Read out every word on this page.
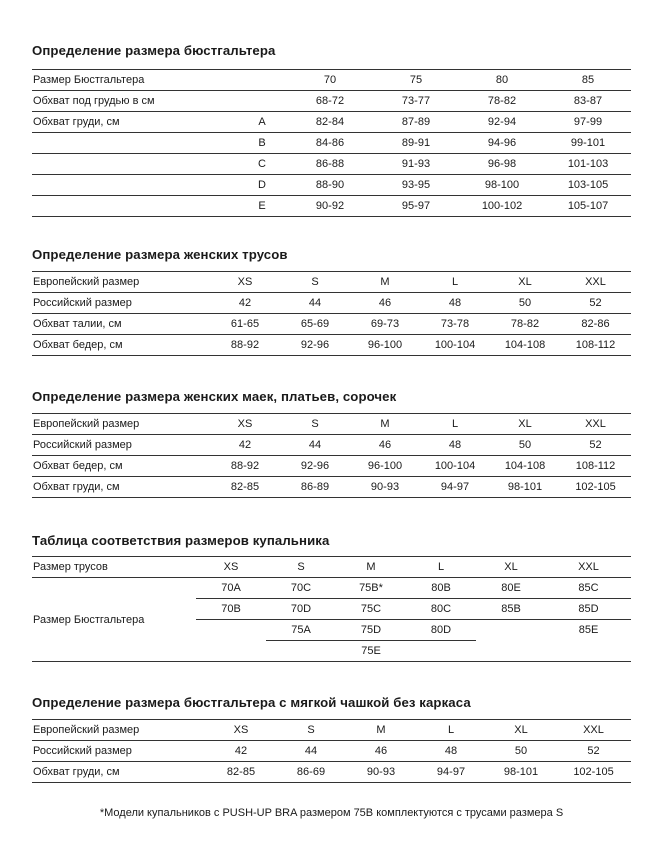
Определение размера бюстгальтера
Размер Бюстгальтера		70	75	80	85
Обхват под грудью в см		68-72	73-77	78-82	83-87
Обхват груди, см	A	82-84	87-89	92-94	97-99
	B	84-86	89-91	94-96	99-101
	C	86-88	91-93	96-98	101-103
	D	88-90	93-95	98-100	103-105
	E	90-92	95-97	100-102	105-107
Определение размера женских трусов
Европейский размер	XS	S	M	L	XL	XXL
Российский размер	42	44	46	48	50	52
Обхват талии, см	61-65	65-69	69-73	73-78	78-82	82-86
Обхват бедер, см	88-92	92-96	96-100	100-104	104-108	108-112
Определение размера женских маек, платьев, сорочек
Европейский размер	XS	S	M	L	XL	XXL
Российский размер	42	44	46	48	50	52
Обхват бедер, см	88-92	92-96	96-100	100-104	104-108	108-112
Обхват груди, см	82-85	86-89	90-93	94-97	98-101	102-105
Таблица соответствия размеров купальника
Размер трусов	XS	S	M	L	XL	XXL
Размер Бюстгальтера	70A	70C	75B*	80B	80E	85C
	70B	70D	75C	80C	85B	85D
		75A	75D	80D		85E
			75E			
Определение размера бюстгальтера с мягкой чашкой без каркаса
Европейский размер	XS	S	M	L	XL	XXL
Российский размер	42	44	46	48	50	52
Обхват груди, см	82-85	86-69	90-93	94-97	98-101	102-105
*Модели купальников с PUSH-UP BRA размером 75B комплектуются с трусами размера S
